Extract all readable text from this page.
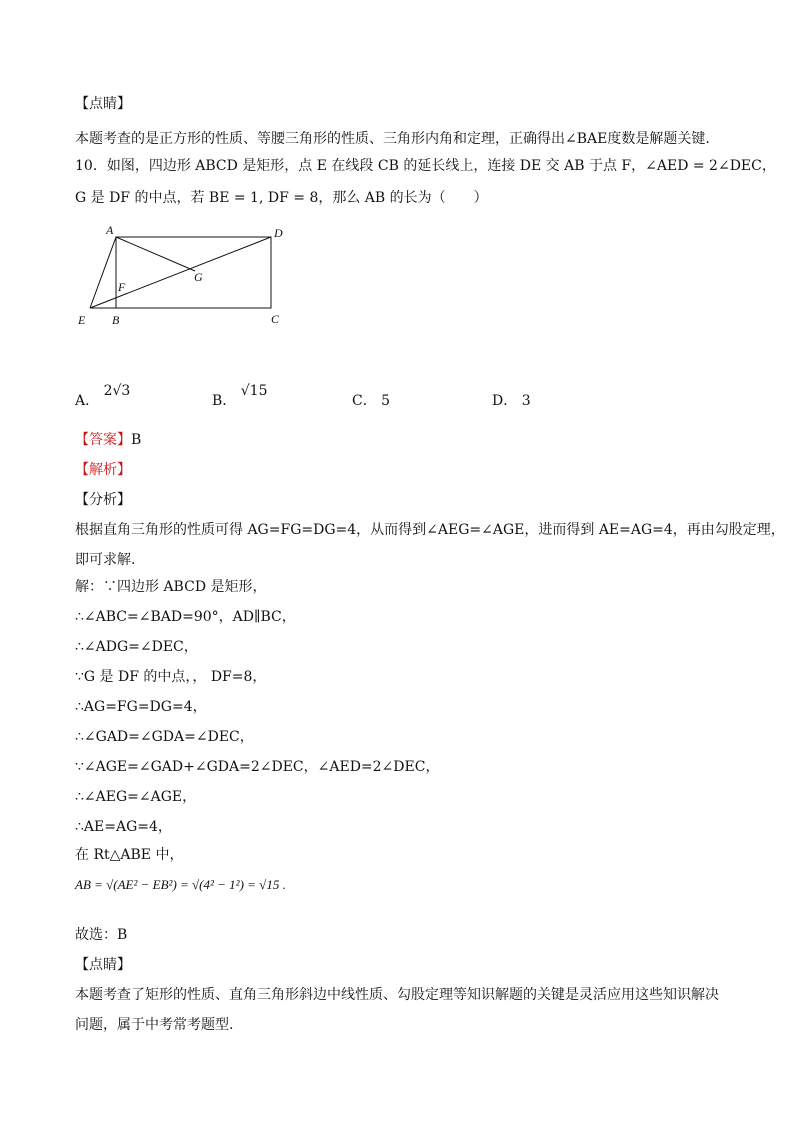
【点睛】
本题考查的是正方形的性质、等腰三角形的性质、三角形内角和定理，正确得出∠BAE度数是解题关键.
10．如图，四边形 ABCD 是矩形，点 E 在线段 CB 的延长线上，连接 DE 交 AB 于点 F，∠AED = 2∠DEC，
G 是 DF 的中点，若 BE = 1, DF = 8，那么 AB 的长为（　　）
A	D
G
F
E B	C
A． 2√3
B． √15
C． 5	D． 3
【答案】B
【解析】
【分析】
根据直角三角形的性质可得 AG=FG=DG=4，从而得到∠AEG=∠AGE，进而得到 AE=AG=4，再由勾股定理，
即可求解.
解：∵四边形 ABCD 是矩形，
∴∠ABC=∠BAD=90°，AD∥BC，
∴∠ADG=∠DEC，
∵G 是 DF 的中点，， DF=8，
∴AG=FG=DG=4，
∴∠GAD=∠GDA=∠DEC，
∵∠AGE=∠GAD+∠GDA=2∠DEC，∠AED=2∠DEC，
∴∠AEG=∠AGE，
∴AE=AG=4，
在 Rt△ABE 中，
AB = √(AE² − EB²) = √(4² − 1²) = √15 .
故选：B
【点睛】
本题考查了矩形的性质、直角三角形斜边中线性质、勾股定理等知识解题的关键是灵活应用这些知识解决
问题，属于中考常考题型.
